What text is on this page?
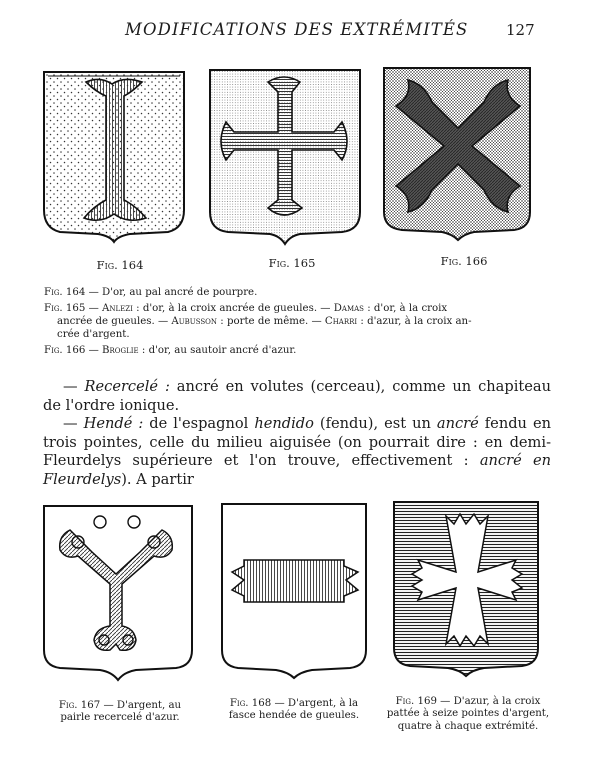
MODIFICATIONS DES EXTRÉMITÉS	127
Fig. 164	Fig. 165	Fig. 166
Fig. 164 — D'or, au pal ancré de pourpre.
Fig. 165 — Anlezi : d'or, à la croix ancrée de gueules. — Damas : d'or, à la croix
ancrée de gueules. — Aubusson : porte de même. — Charri : d'azur, à la croix an-
crée d'argent.
Fig. 166 — Broglie : d'or, au sautoir ancré d'azur.

— Recercelé : ancré en volutes (cerceau), comme un chapiteau de l'ordre ionique.

— Hendé : de l'espagnol hendido (fendu), est un ancré fendu en trois pointes, celle du milieu aiguisée (on pourrait dire : en demi-Fleurdelys supérieure et l'on trouve, effectivement : ancré en Fleurdelys). A partir

Fig. 167 — D'argent, au
pairle recercelé d'azur.
Fig. 168 — D'argent, à la
fasce hendée de gueules.
Fig. 169 — D'azur, à la croix
pattée à seize pointes d'argent,
quatre à chaque extrémité.
